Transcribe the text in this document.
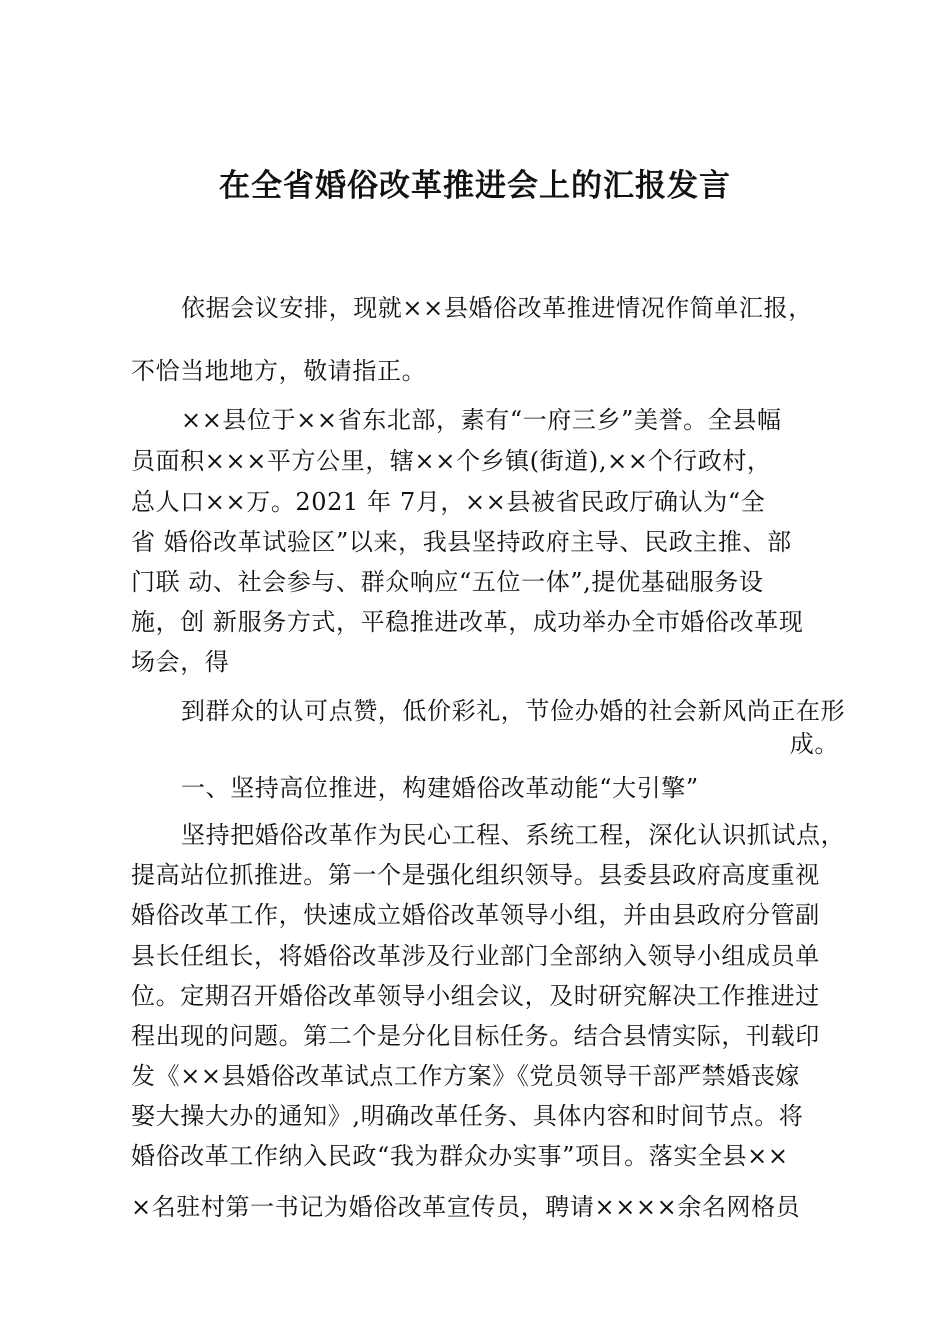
在全省婚俗改革推进会上的汇报发言
依据会议安排，现就××县婚俗改革推进情况作简单汇报，
不恰当地地方，敬请指正。
××县位于××省东北部，素有“一府三乡”美誉。全县幅
员面积×××平方公里，辖××个乡镇(街道),××个行政村，
总人口××万。2021 年 7月，××县被省民政厅确认为“全
省 婚俗改革试验区”以来，我县坚持政府主导、民政主推、部
门联 动、社会参与、群众响应“五位一体”,提优基础服务设
施，创 新服务方式，平稳推进改革，成功举办全市婚俗改革现
场会，得
到群众的认可点赞，低价彩礼，节俭办婚的社会新风尚正在形
成。
一、坚持高位推进，构建婚俗改革动能“大引擎”
坚持把婚俗改革作为民心工程、系统工程，深化认识抓试点，
提高站位抓推进。第一个是强化组织领导。县委县政府高度重视
婚俗改革工作，快速成立婚俗改革领导小组，并由县政府分管副
县长任组长，将婚俗改革涉及行业部门全部纳入领导小组成员单
位。定期召开婚俗改革领导小组会议，及时研究解决工作推进过
程出现的问题。第二个是分化目标任务。结合县情实际，刊载印
发《××县婚俗改革试点工作方案》《党员领导干部严禁婚丧嫁
娶大操大办的通知》,明确改革任务、具体内容和时间节点。将
婚俗改革工作纳入民政“我为群众办实事”项目。落实全县××
×名驻村第一书记为婚俗改革宣传员，聘请××××余名网格员
